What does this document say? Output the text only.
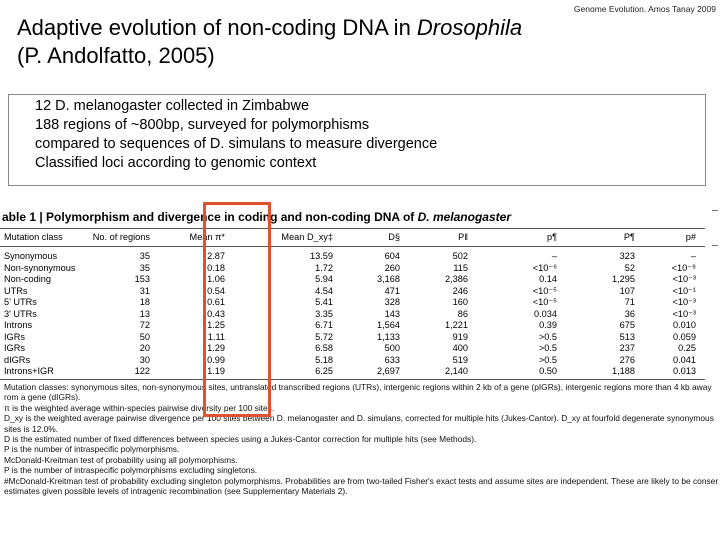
Genome Evolution. Amos Tanay 2009
Adaptive evolution of non-coding DNA in Drosophila
(P. Andolfatto, 2005)
12 D. melanogaster collected in Zimbabwe
188 regions of ~800bp, surveyed for polymorphisms
compared to sequences of D. simulans to measure divergence
Classified loci according to genomic context
able 1 | Polymorphism and divergence in coding and non-coding DNA of D. melanogaster
Mutation class	No. of regions	Mean π*	Mean D_xy‡	D§	P‖	p¶	P¶	p#
Synonymous	35	2.87	13.59	604	502	–	323	–
Non-synonymous	35	0.18	1.72	260	115	<10⁻⁶	52	<10⁻⁹
Non-coding	153	1.06	5.94	3,168	2,386	0.14	1,295	<10⁻³
UTRs	31	0.54	4.54	471	246	<10⁻⁵	107	<10⁻¹
5' UTRs	18	0.61	5.41	328	160	<10⁻⁵	71	<10⁻³
3' UTRs	13	0.43	3.35	143	86	0.034	36	<10⁻³
Introns	72	1.25	6.71	1,564	1,221	0.39	675	0.010
IGRs	50	1.11	5.72	1,133	919	>0.5	513	0.059
IGRs	20	1.29	6.58	500	400	>0.5	237	0.25
dIGRs	30	0.99	5.18	633	519	>0.5	276	0.041
Introns+IGR	122	1.19	6.25	2,697	2,140	0.50	1,188	0.013
Mutation classes: synonymous sites, non-synonymous sites, untranslated transcribed regions (UTRs), intergenic regions within 2 kb of a gene (pIGRs), intergenic regions more than 4 kb away
rom a gene (dIGRs).
π is the weighted average within-species pairwise diversity per 100 sites.
D_xy is the weighted average pairwise divergence per 100 sites between D. melanogaster and D. simulans, corrected for multiple hits (Jukes-Cantor). D_xy at fourfold degenerate synonymous
sites is 12.0%.
D is the estimated number of fixed differences between species using a Jukes-Cantor correction for multiple hits (see Methods).
P is the number of intraspecific polymorphisms.
McDonald-Kreitman test of probability using all polymorphisms.
P is the number of intraspecific polymorphisms excluding singletons.
#McDonald-Kreitman test of probability excluding singleton polymorphisms. Probabilities are from two-tailed Fisher's exact tests and assume sites are independent. These are likely to be conser
estimates given possible levels of intragenic recombination (see Supplementary Materials 2).
